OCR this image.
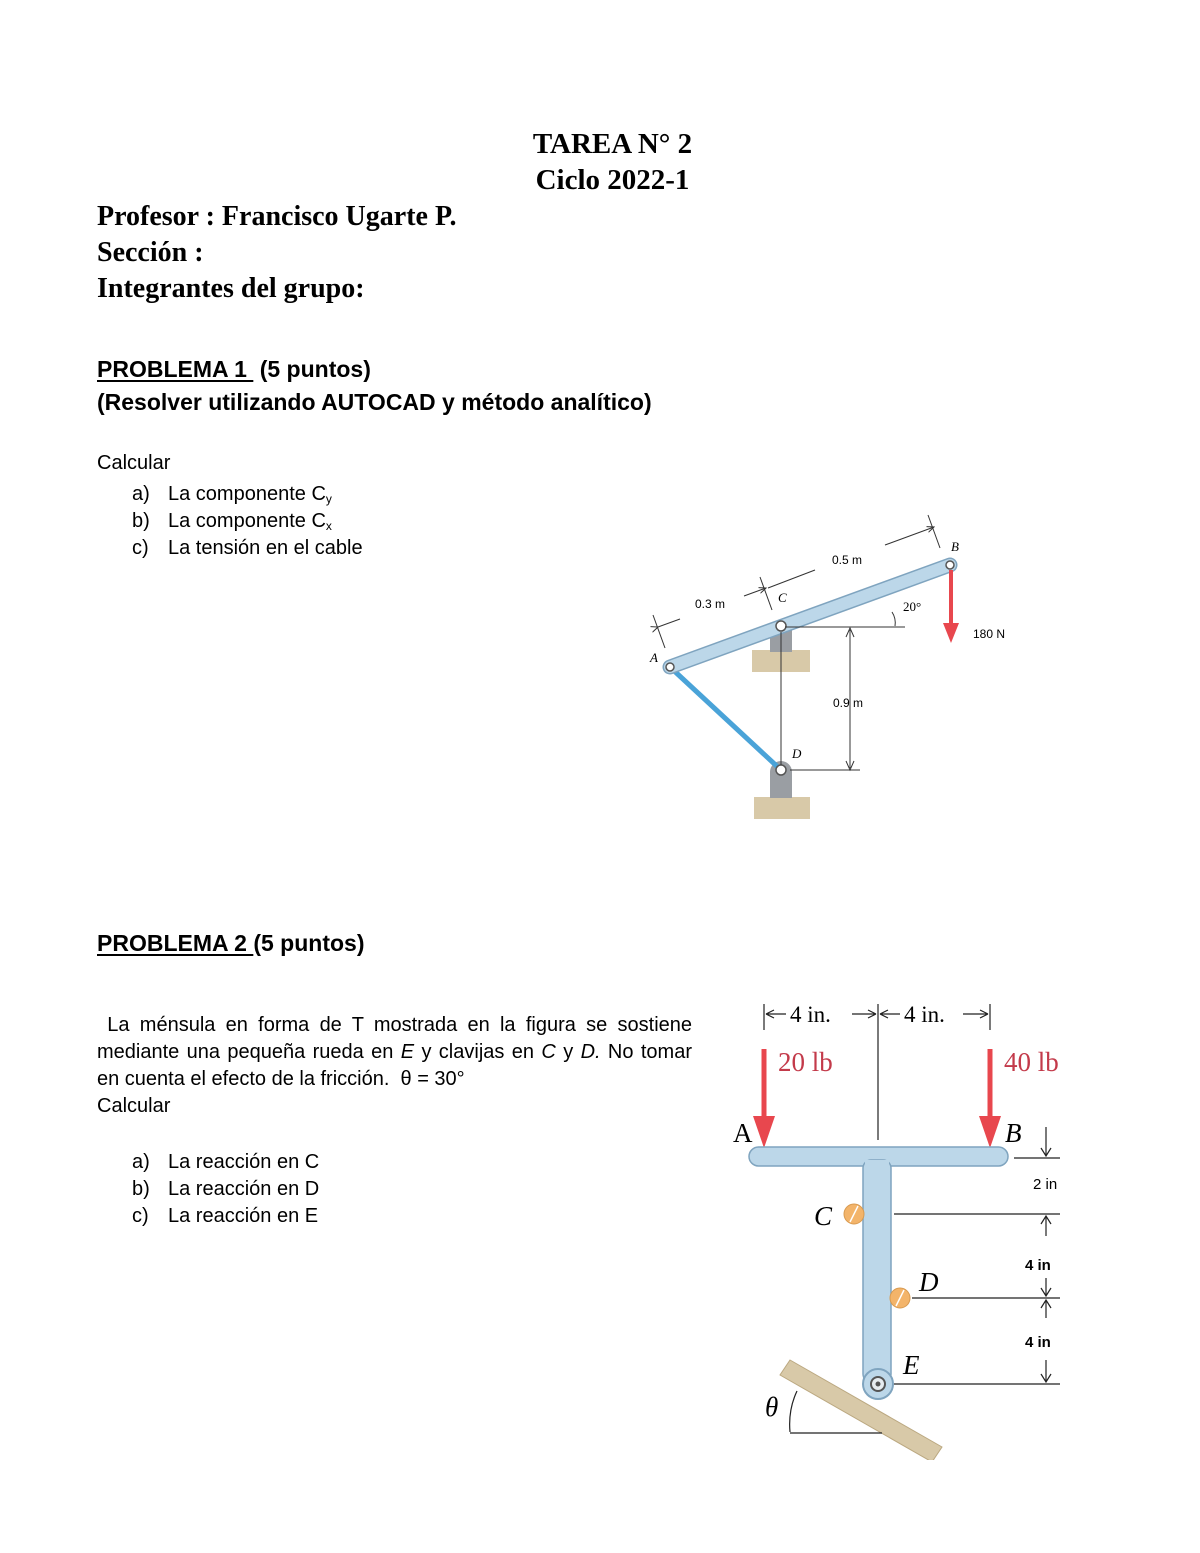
TAREA N° 2
Ciclo 2022-1
Profesor : Francisco Ugarte P.
Sección :
Integrantes del grupo:
PROBLEMA 1  (5 puntos)
(Resolver utilizando AUTOCAD y método analítico)
Calcular
a) La componente $C_y$
b) La componente $C_x$
c) La tensión en el cable
0.3 m
0.5 m
0.9 m
20°
180 N
A
B
C
D
PROBLEMA 2 (5 puntos)
La ménsula en forma de T mostrada en la figura se sostiene mediante una pequeña rueda en E y clavijas en C y D. No tomar en cuenta el efecto de la fricción.  θ = 30°
Calcular
a) La reacción en C
b) La reacción en D
c) La reacción en E
4 in.	4 in.
20 lb	40 lb
2 in
4 in
4 in
A	B
C
D
E
θ
